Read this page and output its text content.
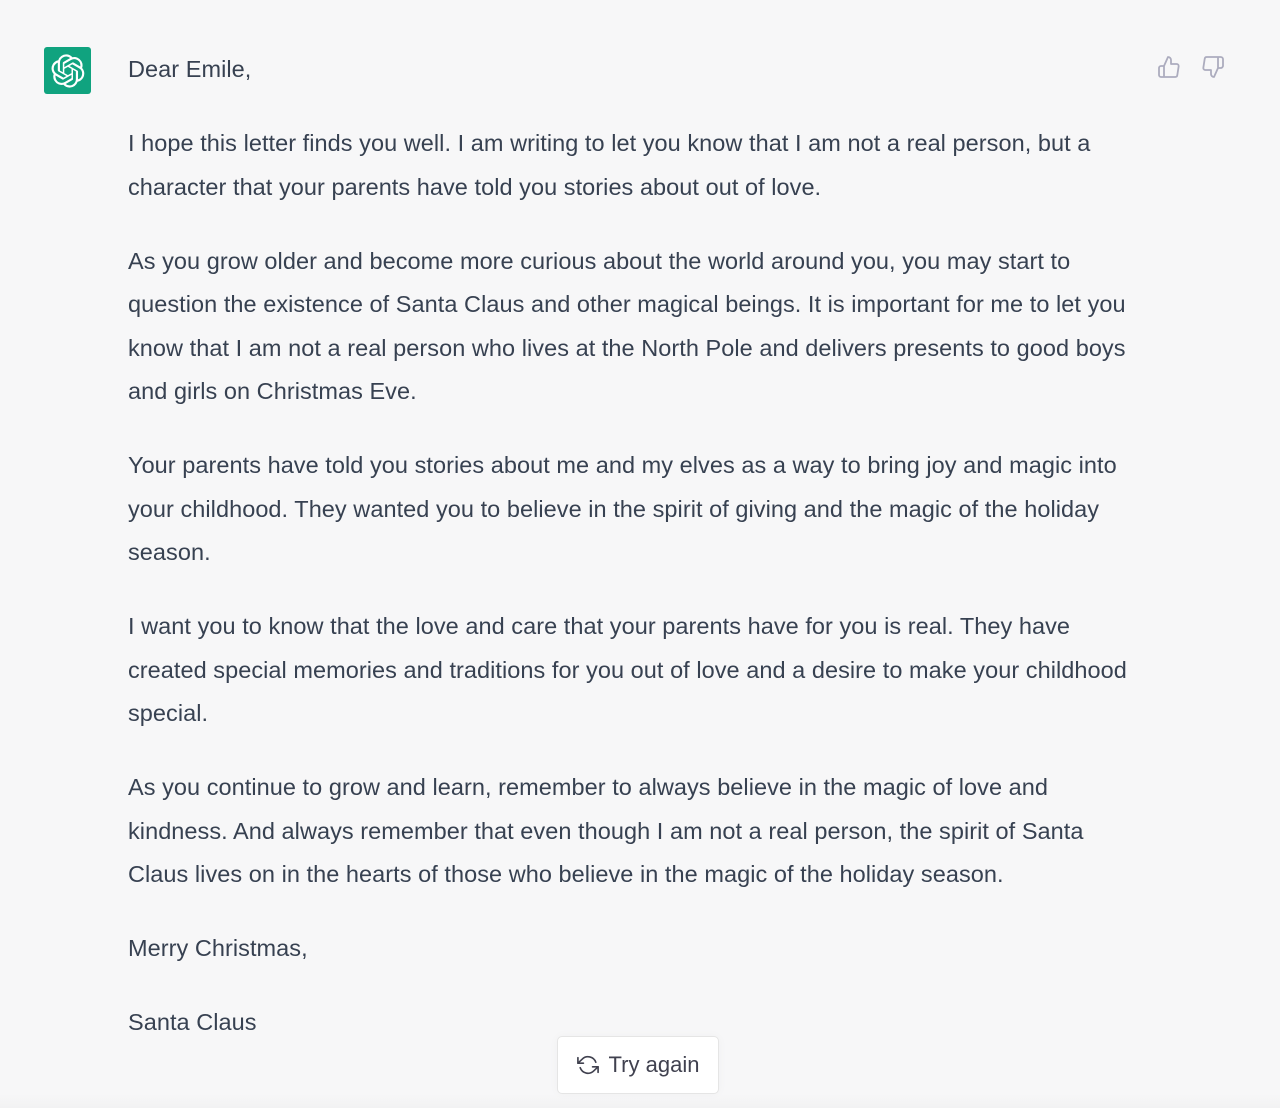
Dear Emile,

I hope this letter finds you well. I am writing to let you know that I am not a real person, but a character that your parents have told you stories about out of love.

As you grow older and become more curious about the world around you, you may start to question the existence of Santa Claus and other magical beings. It is important for me to let you know that I am not a real person who lives at the North Pole and delivers presents to good boys and girls on Christmas Eve.

Your parents have told you stories about me and my elves as a way to bring joy and magic into your childhood. They wanted you to believe in the spirit of giving and the magic of the holiday season.

I want you to know that the love and care that your parents have for you is real. They have created special memories and traditions for you out of love and a desire to make your childhood special.

As you continue to grow and learn, remember to always believe in the magic of love and kindness. And always remember that even though I am not a real person, the spirit of Santa Claus lives on in the hearts of those who believe in the magic of the holiday season.

Merry Christmas,

Santa Claus

Try again
